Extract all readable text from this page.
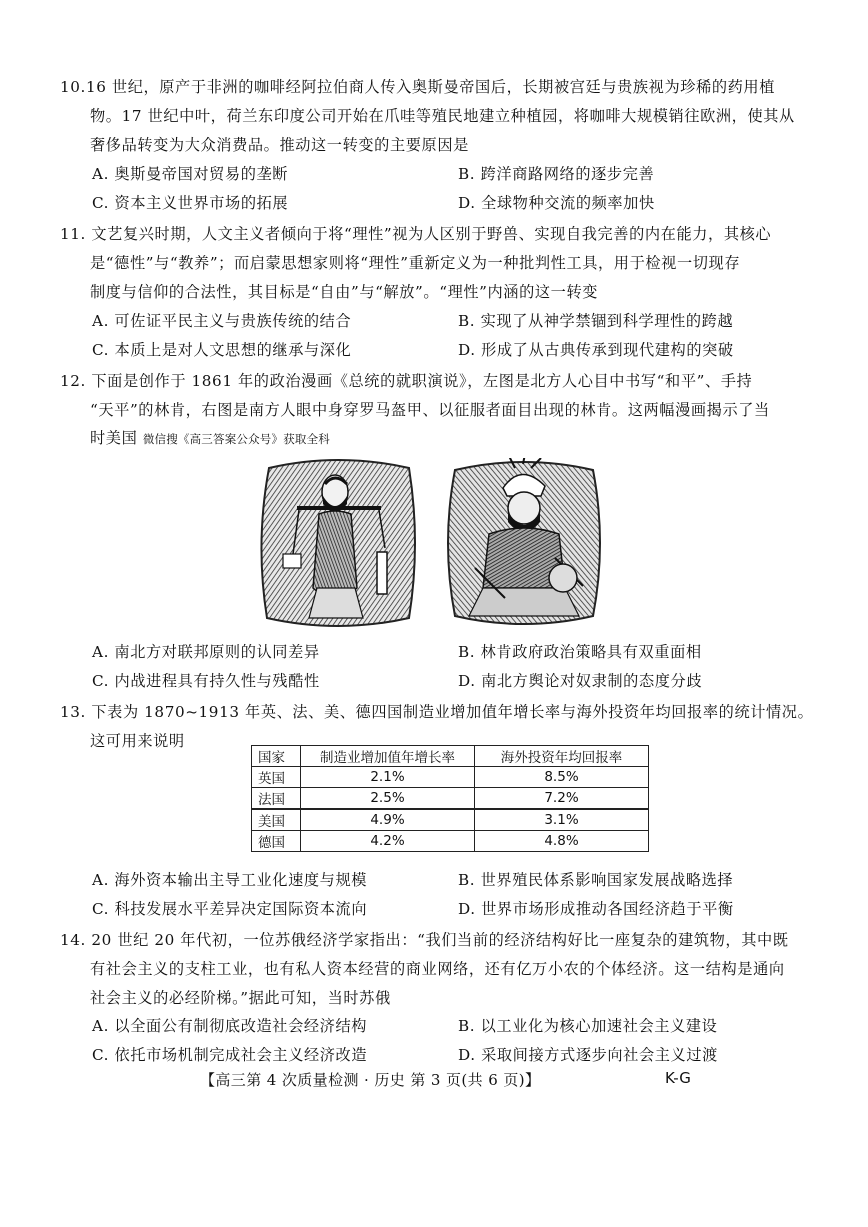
10.16 世纪，原产于非洲的咖啡经阿拉伯商人传入奥斯曼帝国后，长期被宫廷与贵族视为珍稀的药用植
物。17 世纪中叶，荷兰东印度公司开始在爪哇等殖民地建立种植园，将咖啡大规模销往欧洲，使其从
奢侈品转变为大众消费品。推动这一转变的主要原因是
A. 奥斯曼帝国对贸易的垄断	B. 跨洋商路网络的逐步完善
C. 资本主义世界市场的拓展	D. 全球物种交流的频率加快
11. 文艺复兴时期，人文主义者倾向于将“理性”视为人区别于野兽、实现自我完善的内在能力，其核心
是“德性”与“教养”；而启蒙思想家则将“理性”重新定义为一种批判性工具，用于检视一切现存
制度与信仰的合法性，其目标是“自由”与“解放”。“理性”内涵的这一转变
A. 可佐证平民主义与贵族传统的结合	B. 实现了从神学禁锢到科学理性的跨越
C. 本质上是对人文思想的继承与深化	D. 形成了从古典传承到现代建构的突破
12. 下面是创作于 1861 年的政治漫画《总统的就职演说》，左图是北方人心目中书写“和平”、手持
“天平”的林肯，右图是南方人眼中身穿罗马盔甲、以征服者面目出现的林肯。这两幅漫画揭示了当
时美国 微信搜《高三答案公众号》获取全科
A. 南北方对联邦原则的认同差异	B. 林肯政府政治策略具有双重面相
C. 内战进程具有持久性与残酷性	D. 南北方舆论对奴隶制的态度分歧
13. 下表为 1870~1913 年英、法、美、德四国制造业增加值年增长率与海外投资年均回报率的统计情况。
这可用来说明
国家	制造业增加值年增长率	海外投资年均回报率
英国	2.1%	8.5%
法国	2.5%	7.2%
美国	4.9%	3.1%
德国	4.2%	4.8%
A. 海外资本输出主导工业化速度与规模	B. 世界殖民体系影响国家发展战略选择
C. 科技发展水平差异决定国际资本流向	D. 世界市场形成推动各国经济趋于平衡
14. 20 世纪 20 年代初，一位苏俄经济学家指出：“我们当前的经济结构好比一座复杂的建筑物，其中既
有社会主义的支柱工业，也有私人资本经营的商业网络，还有亿万小农的个体经济。这一结构是通向
社会主义的必经阶梯。”据此可知，当时苏俄
A. 以全面公有制彻底改造社会经济结构	B. 以工业化为核心加速社会主义建设
C. 依托市场机制完成社会主义经济改造	D. 采取间接方式逐步向社会主义过渡
【高三第 4 次质量检测 · 历史 第 3 页(共 6 页)】	K-G
